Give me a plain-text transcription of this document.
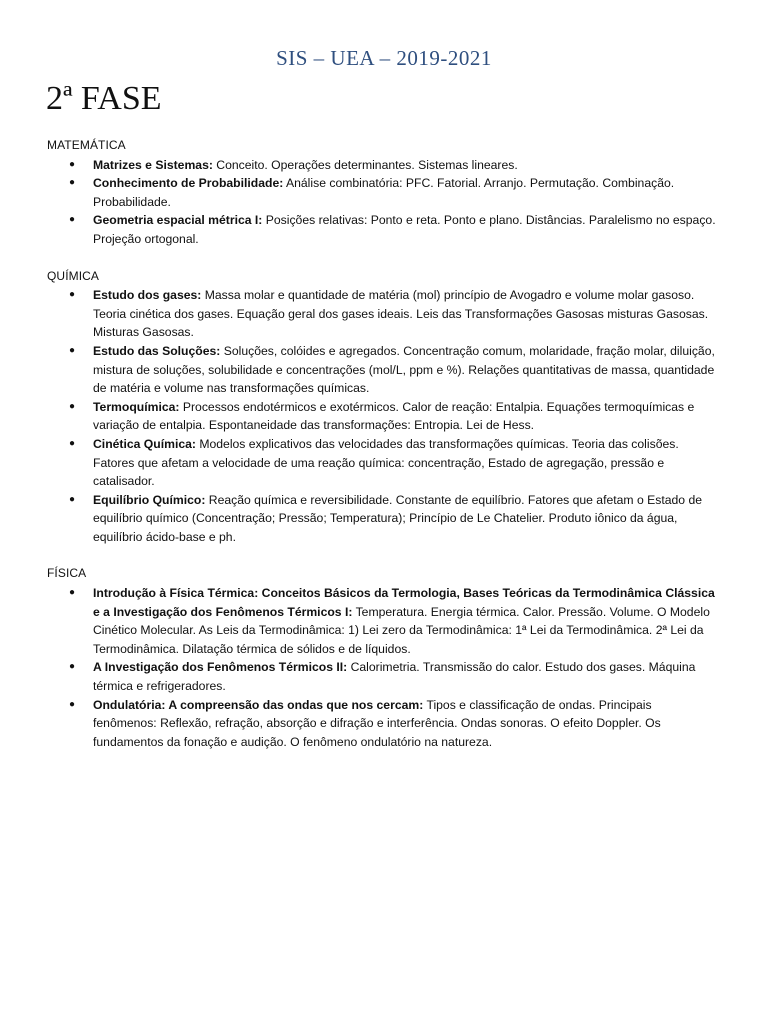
SIS – UEA – 2019-2021
2ª FASE
MATEMÁTICA
● Matrizes e Sistemas: Conceito. Operações determinantes. Sistemas lineares.
● Conhecimento de Probabilidade: Análise combinatória: PFC. Fatorial. Arranjo. Permutação. Combinação. Probabilidade.
● Geometria espacial métrica I: Posições relativas: Ponto e reta. Ponto e plano. Distâncias. Paralelismo no espaço. Projeção ortogonal.
QUÍMICA
● Estudo dos gases: Massa molar e quantidade de matéria (mol) princípio de Avogadro e volume molar gasoso. Teoria cinética dos gases. Equação geral dos gases ideais. Leis das Transformações Gasosas misturas Gasosas. Misturas Gasosas.
● Estudo das Soluções: Soluções, colóides e agregados. Concentração comum, molaridade, fração molar, diluição, mistura de soluções, solubilidade e concentrações (mol/L, ppm e %). Relações quantitativas de massa, quantidade de matéria e volume nas transformações químicas.
● Termoquímica: Processos endotérmicos e exotérmicos. Calor de reação: Entalpia. Equações termoquímicas e variação de entalpia. Espontaneidade das transformações: Entropia. Lei de Hess.
● Cinética Química: Modelos explicativos das velocidades das transformações químicas. Teoria das colisões. Fatores que afetam a velocidade de uma reação química: concentração, Estado de agregação, pressão e catalisador.
● Equilíbrio Químico: Reação química e reversibilidade. Constante de equilíbrio. Fatores que afetam o Estado de equilíbrio químico (Concentração; Pressão; Temperatura); Princípio de Le Chatelier. Produto iônico da água, equilíbrio ácido-base e ph.
FÍSICA
● Introdução à Física Térmica: Conceitos Básicos da Termologia, Bases Teóricas da Termodinâmica Clássica e a Investigação dos Fenômenos Térmicos I: Temperatura. Energia térmica. Calor. Pressão. Volume. O Modelo Cinético Molecular. As Leis da Termodinâmica: 1) Lei zero da Termodinâmica: 1ª Lei da Termodinâmica. 2ª Lei da Termodinâmica. Dilatação térmica de sólidos e de líquidos.
● A Investigação dos Fenômenos Térmicos II: Calorimetria. Transmissão do calor. Estudo dos gases. Máquina térmica e refrigeradores.
● Ondulatória: A compreensão das ondas que nos cercam: Tipos e classificação de ondas. Principais fenômenos: Reflexão, refração, absorção e difração e interferência. Ondas sonoras. O efeito Doppler. Os fundamentos da fonação e audição. O fenômeno ondulatório na natureza.
